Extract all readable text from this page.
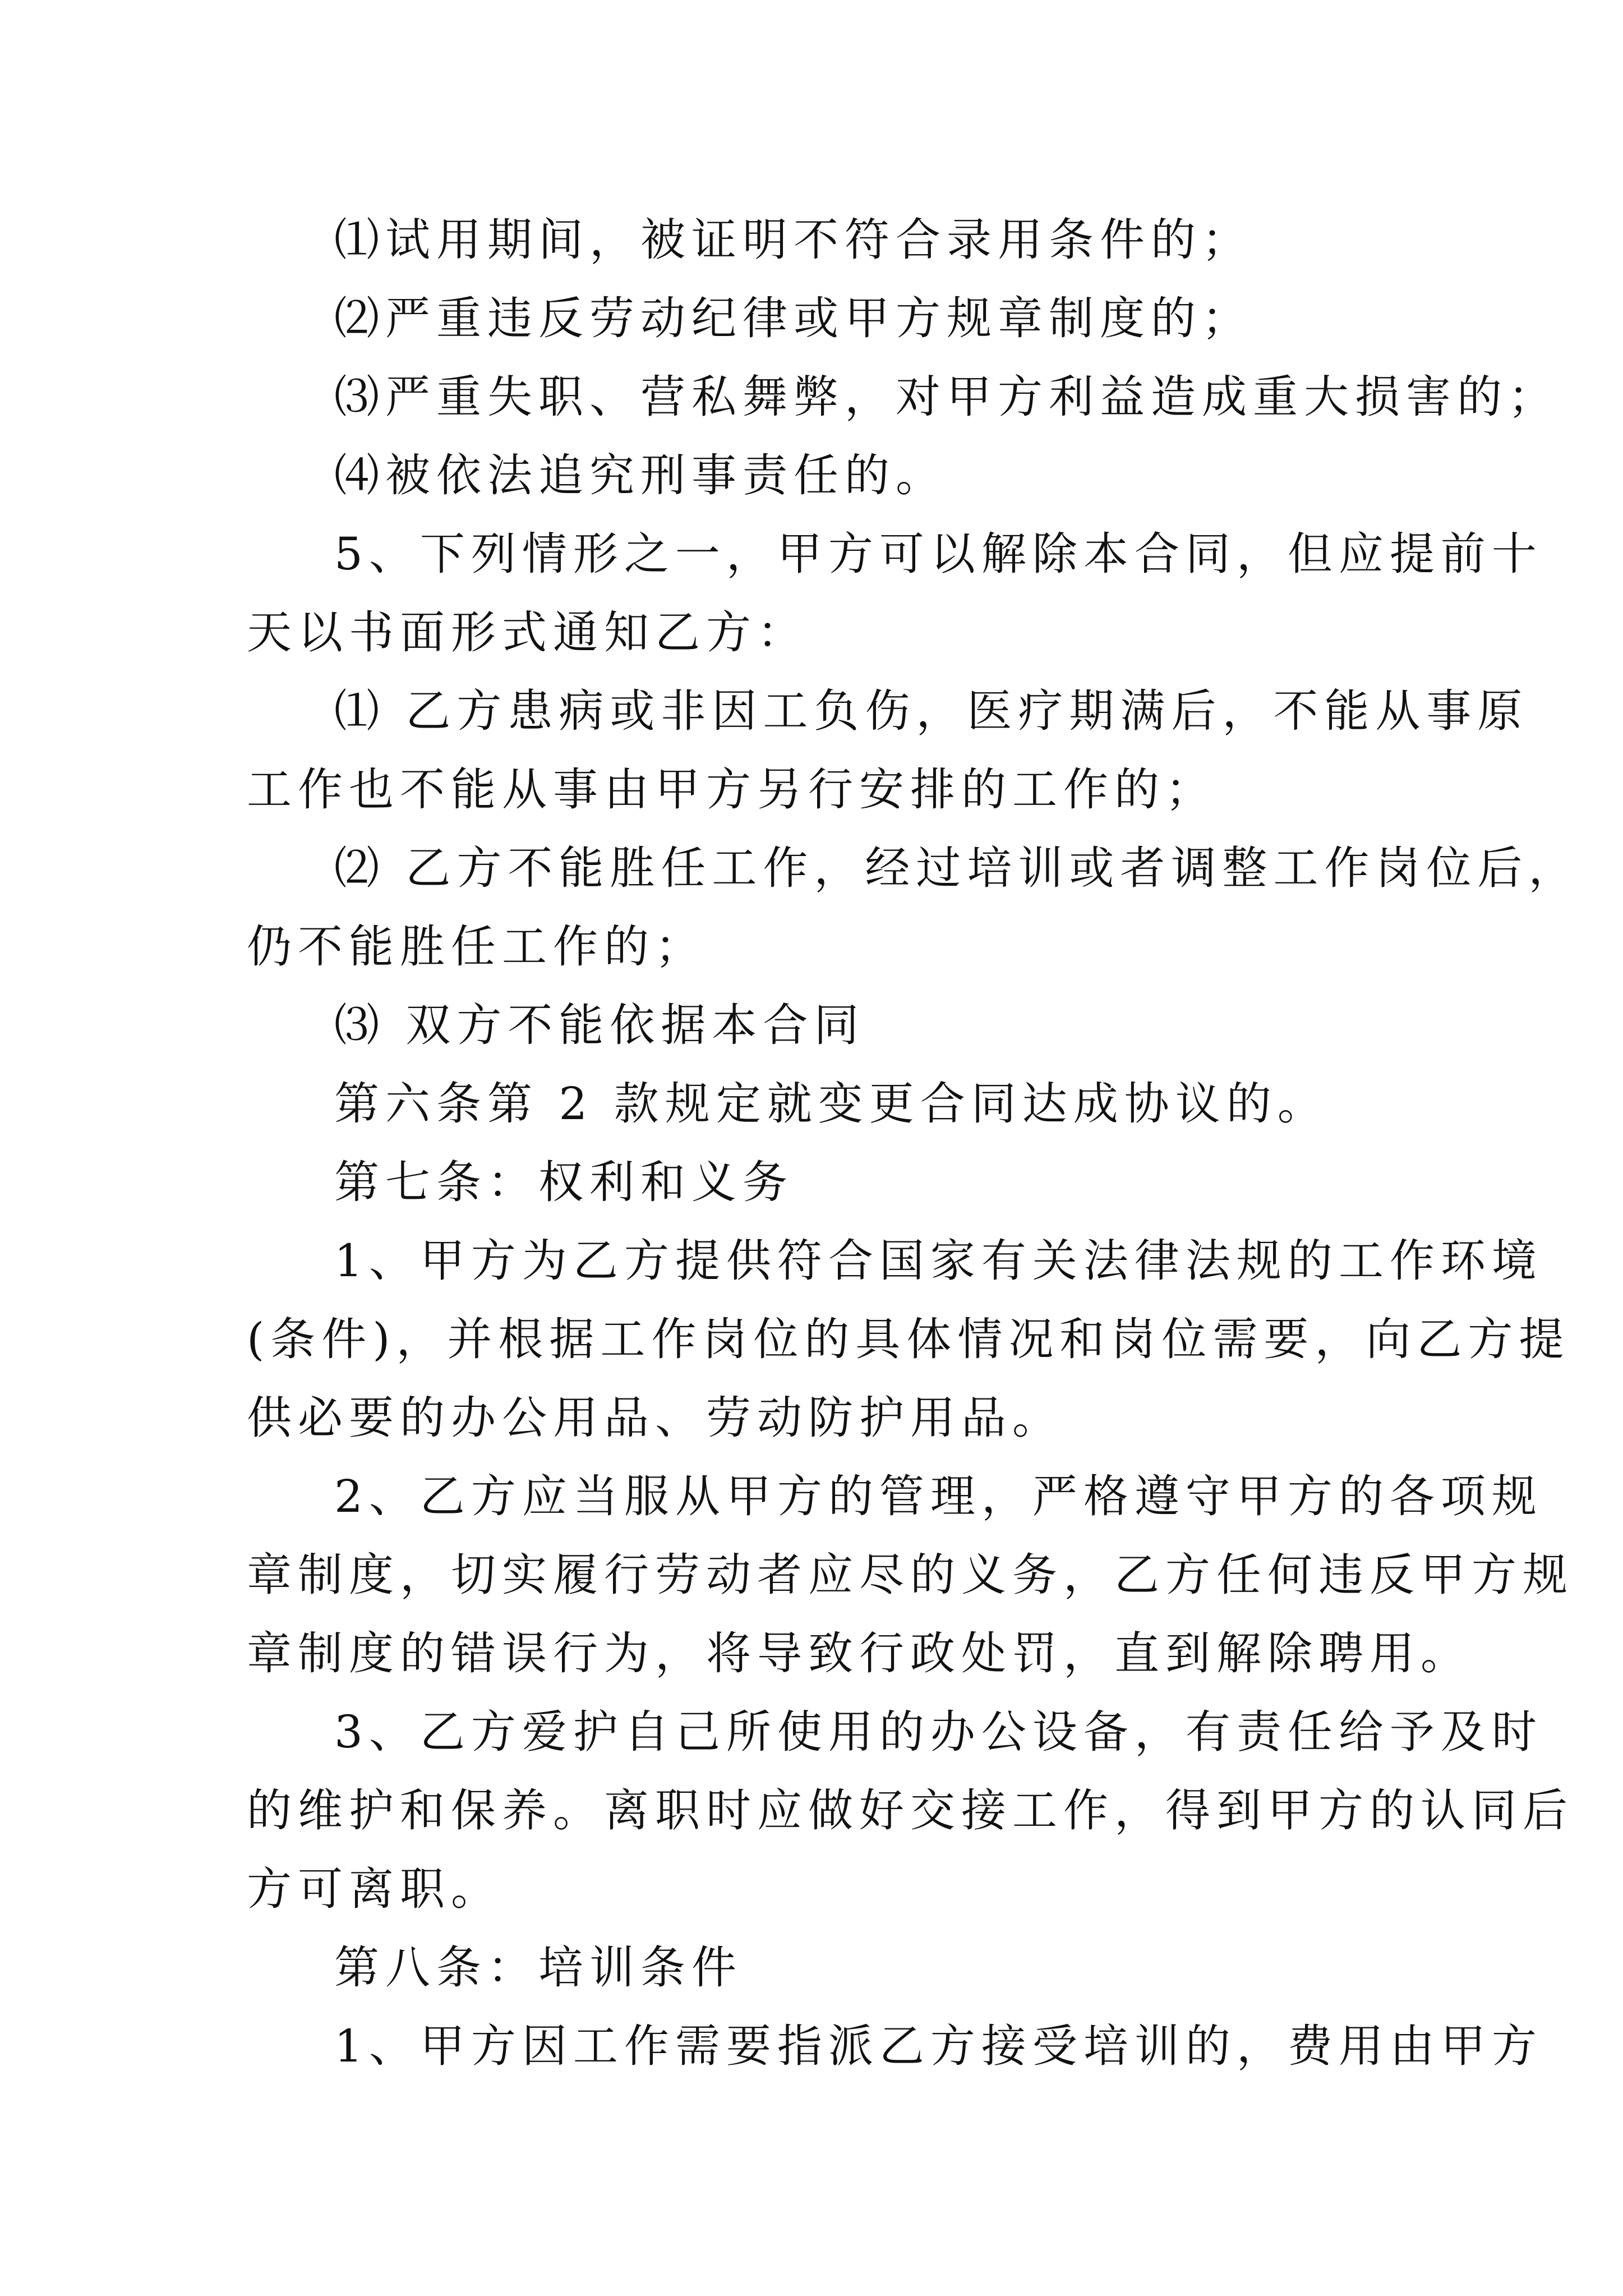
⑴试用期间，被证明不符合录用条件的；
⑵严重违反劳动纪律或甲方规章制度的；
⑶严重失职、营私舞弊，对甲方利益造成重大损害的；
⑷被依法追究刑事责任的。
5、下列情形之一，甲方可以解除本合同，但应提前十
天以书面形式通知乙方：
⑴ 乙方患病或非因工负伤，医疗期满后，不能从事原
工作也不能从事由甲方另行安排的工作的；
⑵ 乙方不能胜任工作，经过培训或者调整工作岗位后，
仍不能胜任工作的；
⑶ 双方不能依据本合同
第六条第 2 款规定就变更合同达成协议的。
第七条：权利和义务
1、甲方为乙方提供符合国家有关法律法规的工作环境
(条件)，并根据工作岗位的具体情况和岗位需要，向乙方提
供必要的办公用品、劳动防护用品。
2、乙方应当服从甲方的管理，严格遵守甲方的各项规
章制度，切实履行劳动者应尽的义务，乙方任何违反甲方规
章制度的错误行为，将导致行政处罚，直到解除聘用。
3、乙方爱护自己所使用的办公设备，有责任给予及时
的维护和保养。离职时应做好交接工作，得到甲方的认同后
方可离职。
第八条：培训条件
1、甲方因工作需要指派乙方接受培训的，费用由甲方
